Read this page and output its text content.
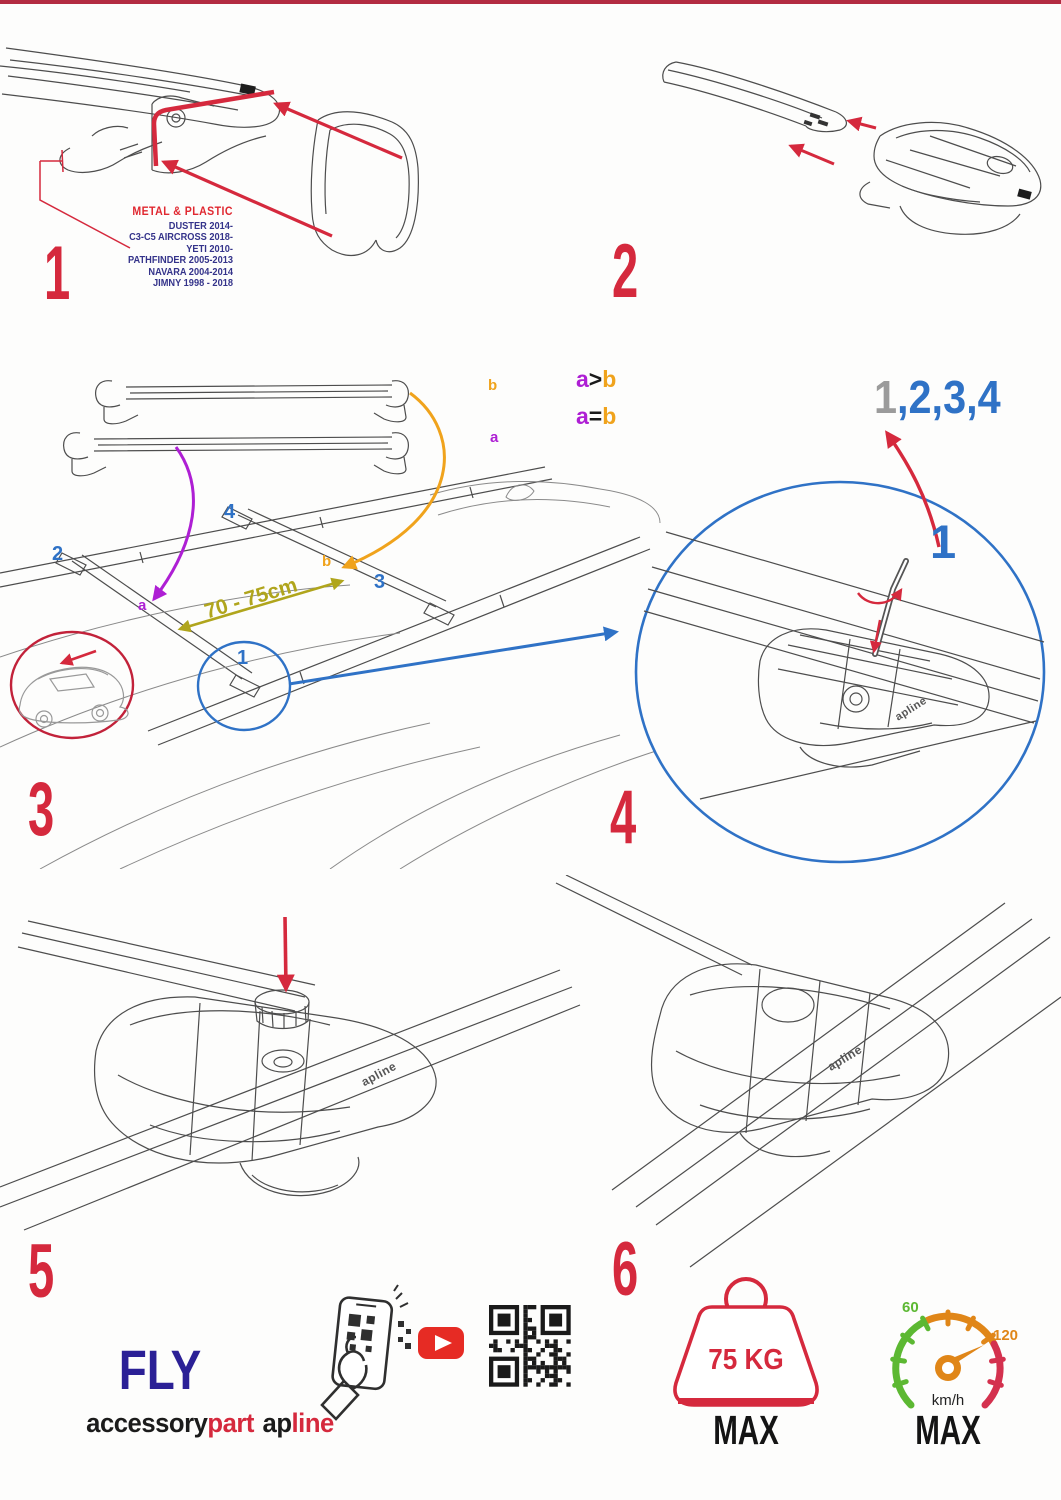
1	2
3	4
5	6
METAL & PLASTIC
DUSTER 2014-
C3-C5 AIRCROSS 2018-
YETI 2010-
PATHFINDER 2005-2013
NAVARA 2004-2014
JIMNY 1998 - 2018
a>b
a=b
b
a
2
4
3
1
b
a	70 - 75cm
1,2,3,4
1
apline
apline
apline
FLY
accessorypart apline
75 KG
MAX
60
120
km/h
MAX
